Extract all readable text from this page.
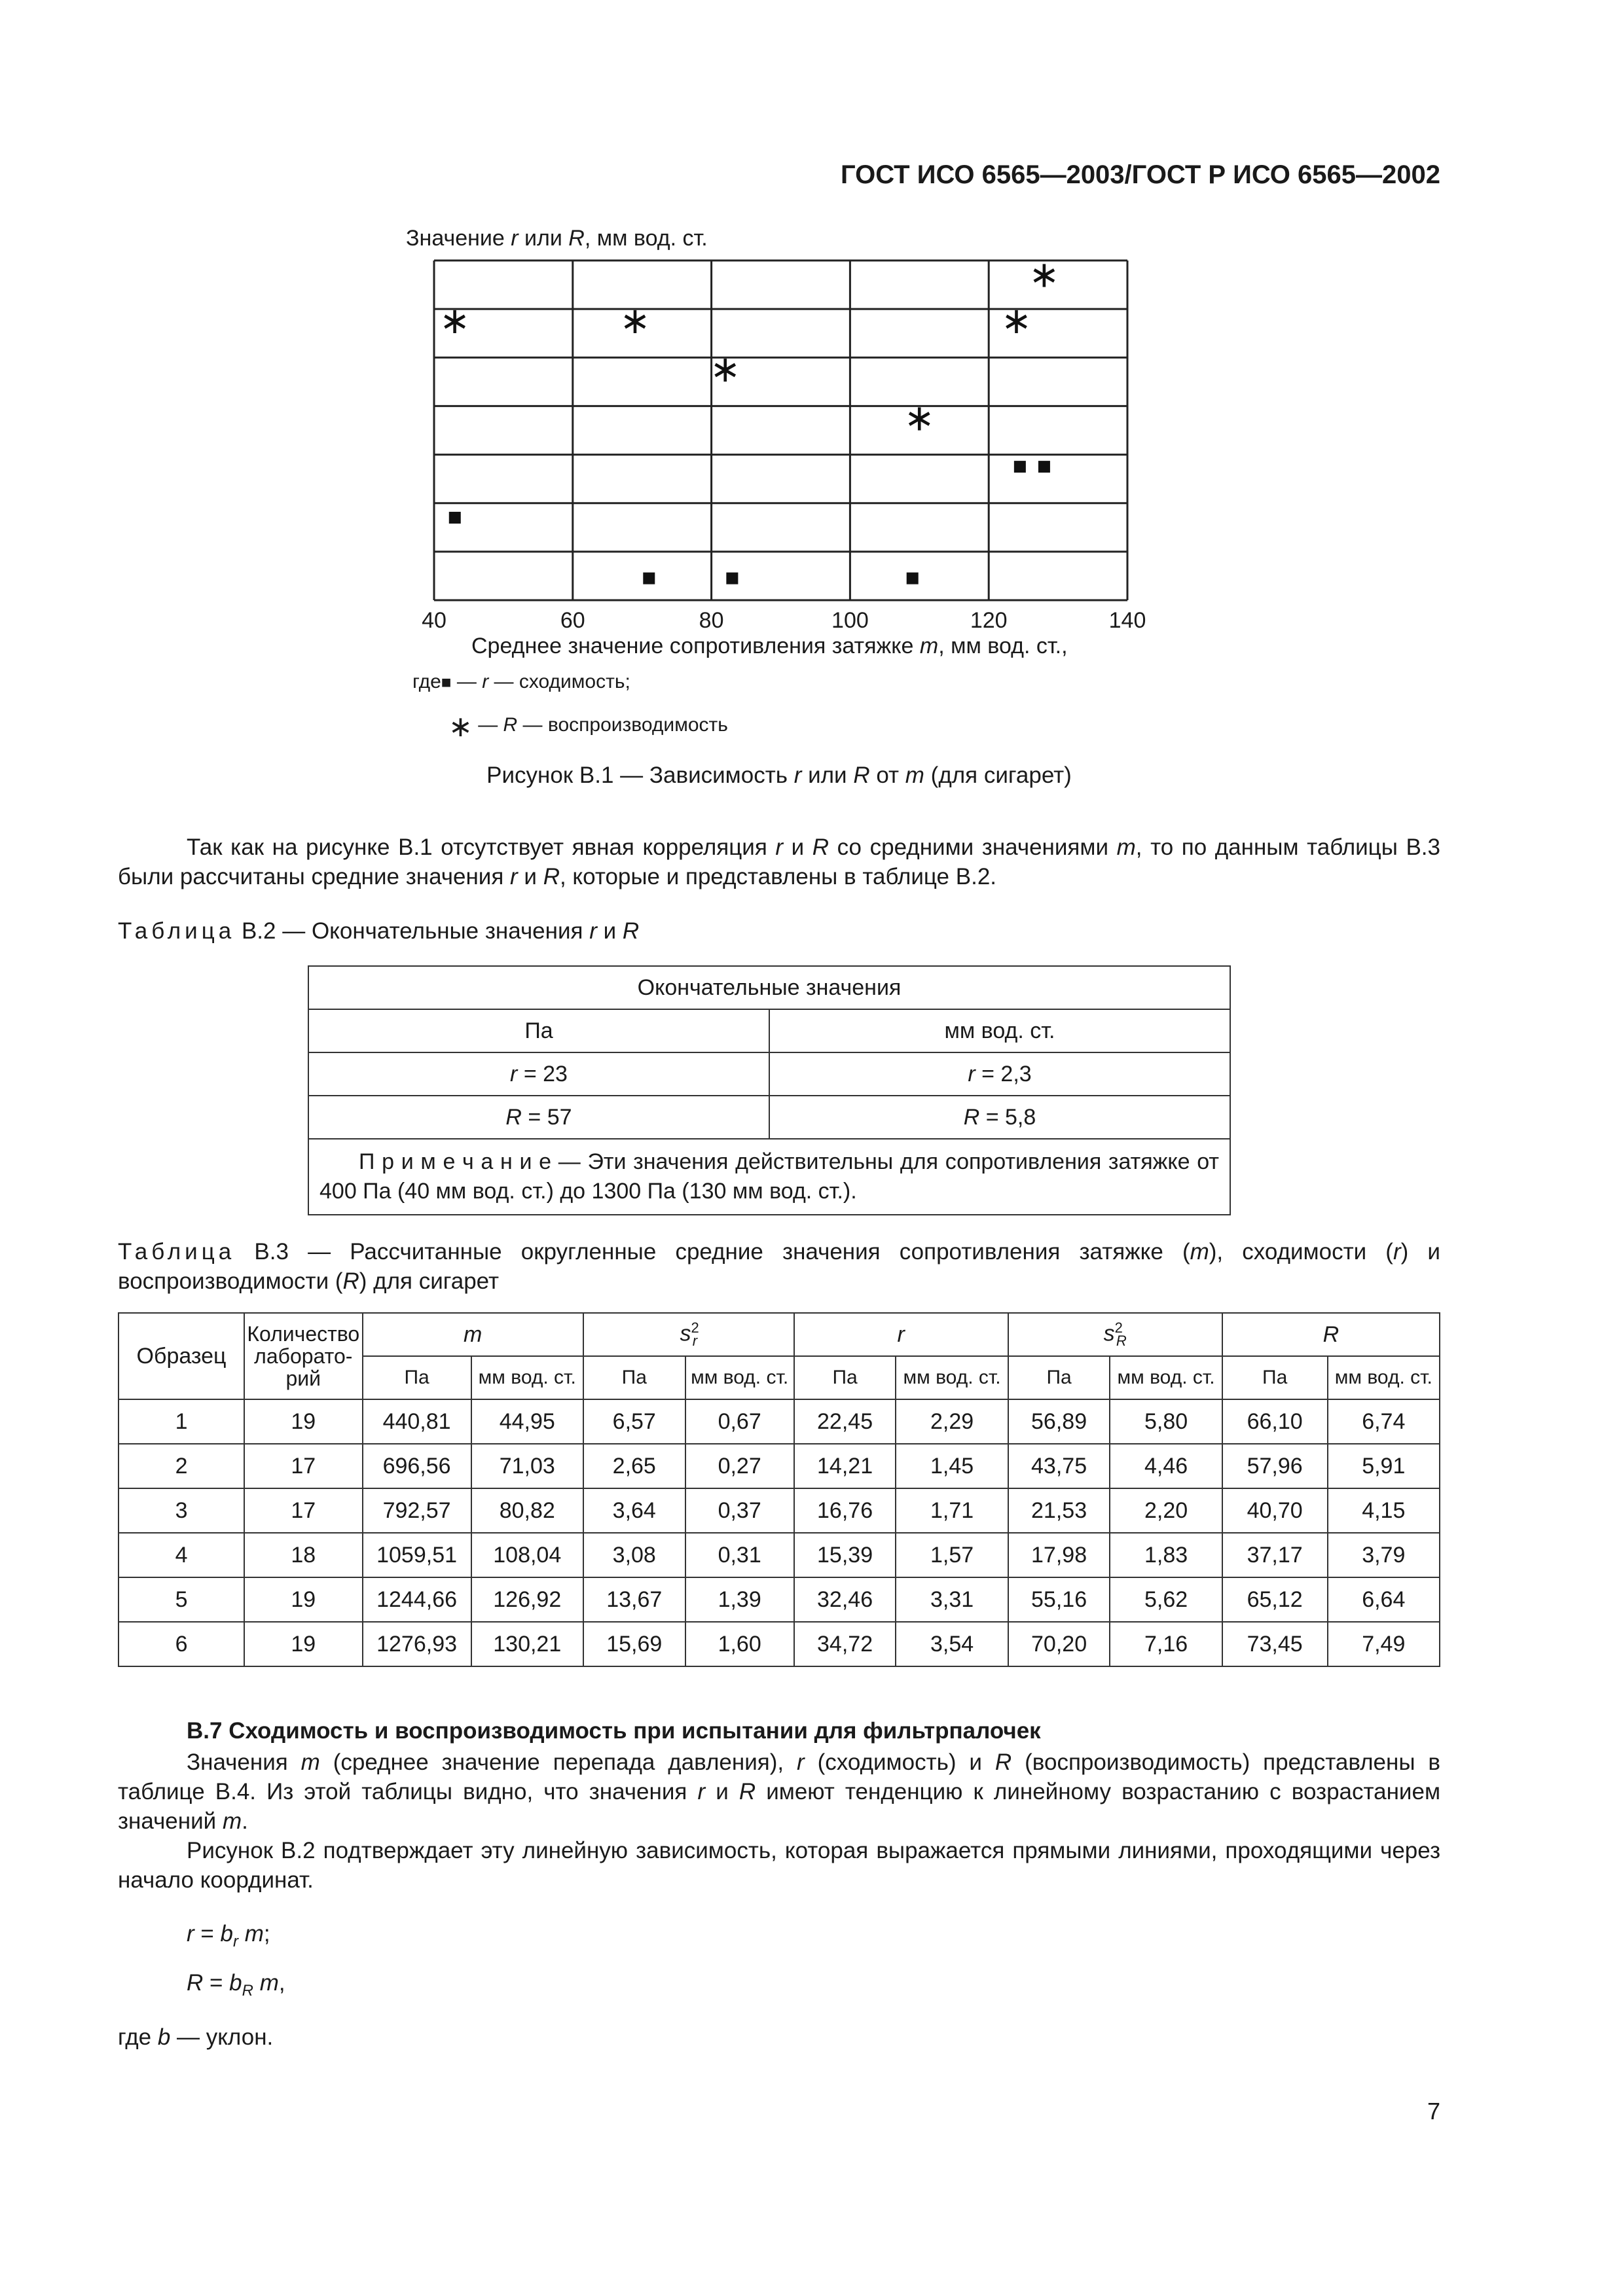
ГОСТ ИСО 6565—2003/ГОСТ Р ИСО 6565—2002
Значение r или R, мм вод. ст.
40	60	80	100	120	140
∗	∗
∗
∗
∗
∗
Среднее значение сопротивления затяжке m, мм вод. ст.,
где■ — r — сходимость;
∗ — R — воспроизводимость
Рисунок В.1 — Зависимость r или R от m (для сигарет)
Так как на рисунке В.1 отсутствует явная корреляция r и R со средними значениями m, то по данным таблицы В.3 были рассчитаны средние значения r и R, которые и представлены в таблице В.2.
Таблица В.2 — Окончательные значения r и R
Окончательные значения	
Па	мм вод. ст.
r = 23	r = 2,3
R = 57	R = 5,8
П р и м е ч а н и е — Эти значения действительны для сопротивления затяжке от 400 Па (40 мм вод. ст.) до 1300 Па (130 мм вод. ст.).	
Таблица В.3 — Рассчитанные округленные средние значения сопротивления затяжке (m), сходимости (r) и воспроизводимости (R) для сигарет
Образец	Количество лаборато-рий	m		$s^2_r$		r		$s^2_R$		R	
		Па	мм вод. ст.	Па	мм вод. ст.	Па	мм вод. ст.	Па	мм вод. ст.	Па	мм вод. ст.
1	19	440,81	44,95	6,57	0,67	22,45	2,29	56,89	5,80	66,10	6,74
2	17	696,56	71,03	2,65	0,27	14,21	1,45	43,75	4,46	57,96	5,91
3	17	792,57	80,82	3,64	0,37	16,76	1,71	21,53	2,20	40,70	4,15
4	18	1059,51	108,04	3,08	0,31	15,39	1,57	17,98	1,83	37,17	3,79
5	19	1244,66	126,92	13,67	1,39	32,46	3,31	55,16	5,62	65,12	6,64
6	19	1276,93	130,21	15,69	1,60	34,72	3,54	70,20	7,16	73,45	7,49
В.7 Сходимость и воспроизводимость при испытании для фильтрпалочек
Значения m (среднее значение перепада давления), r (сходимость) и R (воспроизводимость) представлены в таблице В.4. Из этой таблицы видно, что значения r и R имеют тенденцию к линейному возрастанию с возрастанием значений m.
Рисунок В.2 подтверждает эту линейную зависимость, которая выражается прямыми линиями, проходящими через начало координат.
$r = b_r$ m;
$R = b_R$ m,
где b — уклон.
7
